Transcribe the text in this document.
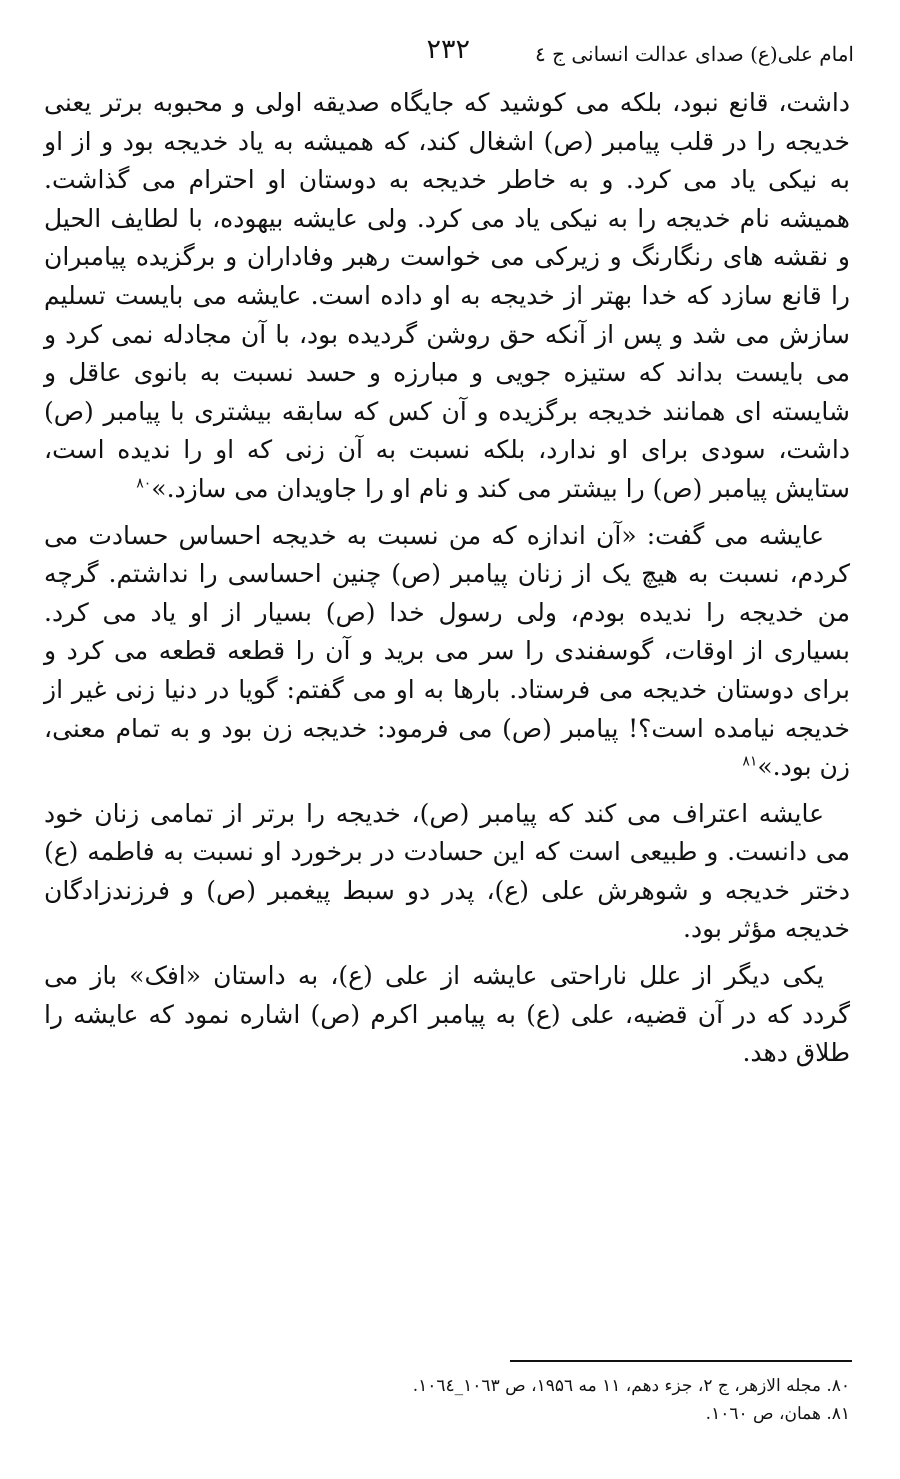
امام علی(ع) صدای عدالت انسانی ج ٤
۲۳۲

داشت، قانع نبود، بلکه می کوشید که جایگاه صدیقه اولی و محبوبه برتر یعنی خدیجه را در قلب پیامبر (ص) اشغال کند، که همیشه به یاد خدیجه بود و از او به نیکی یاد می کرد. و به خاطر خدیجه به دوستان او احترام می گذاشت. همیشه نام خدیجه را به نیکی یاد می کرد. ولی عایشه بیهوده، با لطایف الحیل و نقشه های رنگارنگ و زیرکی می خواست رهبر وفاداران و برگزیده پیامبران را قانع سازد که خدا بهتر از خدیجه به او داده است. عایشه می بایست تسلیم سازش می شد و پس از آنکه حق روشن گردیده بود، با آن مجادله نمی کرد و می بایست بداند که ستیزه جویی و مبارزه و حسد نسبت به بانوی عاقل و شایسته ای همانند خدیجه برگزیده و آن کس که سابقه بیشتری با پیامبر (ص) داشت، سودی برای او ندارد، بلکه نسبت به آن زنی که او را ندیده است، ستایش پیامبر (ص) را بیشتر می کند و نام او را جاویدان می سازد.»$^{۸۰}$

عایشه می گفت: «آن اندازه که من نسبت به خدیجه احساس حسادت می کردم، نسبت به هیچ یک از زنان پیامبر (ص) چنین احساسی را نداشتم. گرچه من خدیجه را ندیده بودم، ولی رسول خدا (ص) بسیار از او یاد می کرد. بسیاری از اوقات، گوسفندی را سر می برید و آن را قطعه قطعه می کرد و برای دوستان خدیجه می فرستاد. بارها به او می گفتم: گویا در دنیا زنی غیر از خدیجه نیامده است؟! پیامبر (ص) می فرمود: خدیجه زن بود و به تمام معنی، زن بود.»$^{۸۱}$

عایشه اعتراف می کند که پیامبر (ص)، خدیجه را برتر از تمامی زنان خود می دانست. و طبیعی است که این حسادت در برخورد او نسبت به فاطمه (ع) دختر خدیجه و شوهرش علی (ع)، پدر دو سبط پیغمبر (ص) و فرزندزادگان خدیجه مؤثر بود.

یکی دیگر از علل ناراحتی عایشه از علی (ع)، به داستان «افک» باز می گردد که در آن قضیه، علی (ع) به پیامبر اکرم (ص) اشاره نمود که عایشه را طلاق دهد.

۸۰. مجله الازهر، ج ۲، جزء دهم، ۱۱ مه ۱۹۵٦، ص ۱۰٦۳_۱۰٦٤.

۸۱. همان، ص ۱۰٦۰.
